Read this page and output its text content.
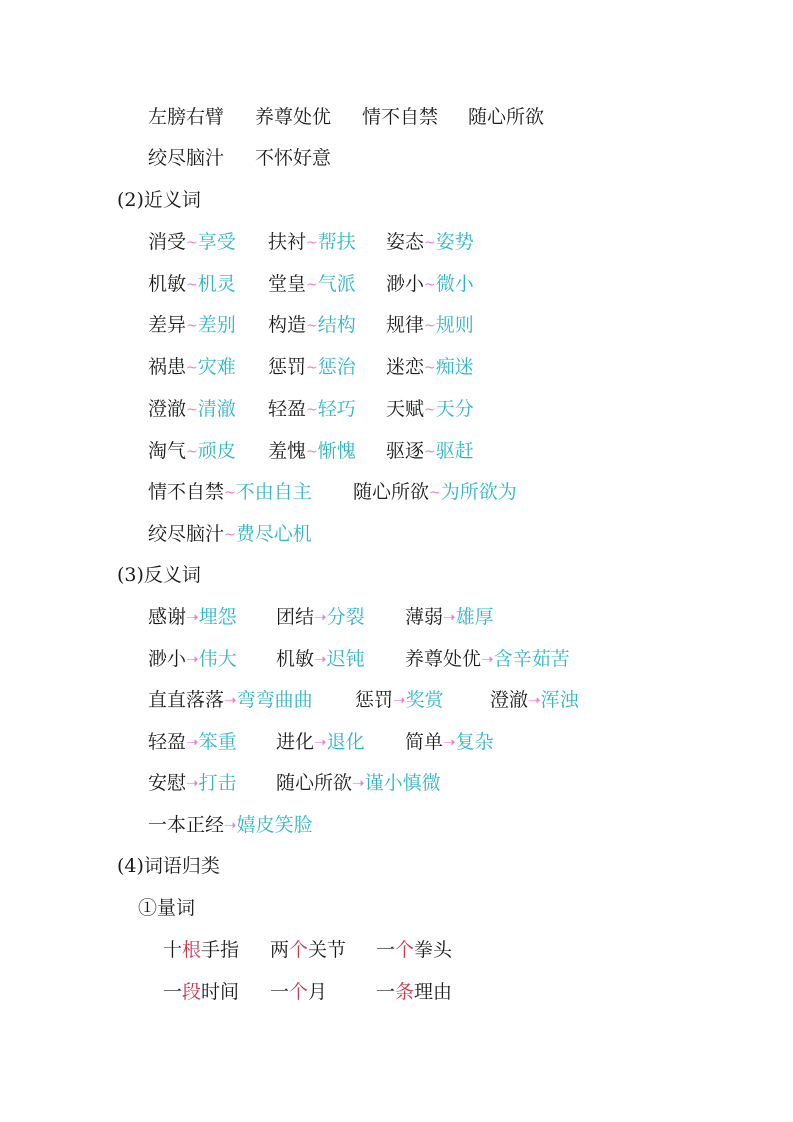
左膀右臂 养尊处优 情不自禁 随心所欲
绞尽脑汁 不怀好意
(2)近义词
消受~享受 扶衬~帮扶 姿态~姿势
机敏~机灵 堂皇~气派 渺小~微小
差异~差别 构造~结构 规律~规则
祸患~灾难 惩罚~惩治 迷恋~痴迷
澄澈~清澈 轻盈~轻巧 天赋~天分
淘气~顽皮 羞愧~惭愧 驱逐~驱赶
情不自禁~不由自主 随心所欲~为所欲为
绞尽脑汁~费尽心机
(3)反义词
感谢➝埋怨 团结➝分裂 薄弱➝雄厚
渺小➝伟大 机敏➝迟钝 养尊处优➝含辛茹苦
直直落落➝弯弯曲曲 惩罚➝奖赏 澄澈➝浑浊
轻盈➝笨重 进化➝退化 简单➝复杂
安慰➝打击 随心所欲➝谨小慎微
一本正经➝嬉皮笑脸
(4)词语归类
①量词
十根手指 两个关节 一个拳头
一段时间 一个月	一条理由
